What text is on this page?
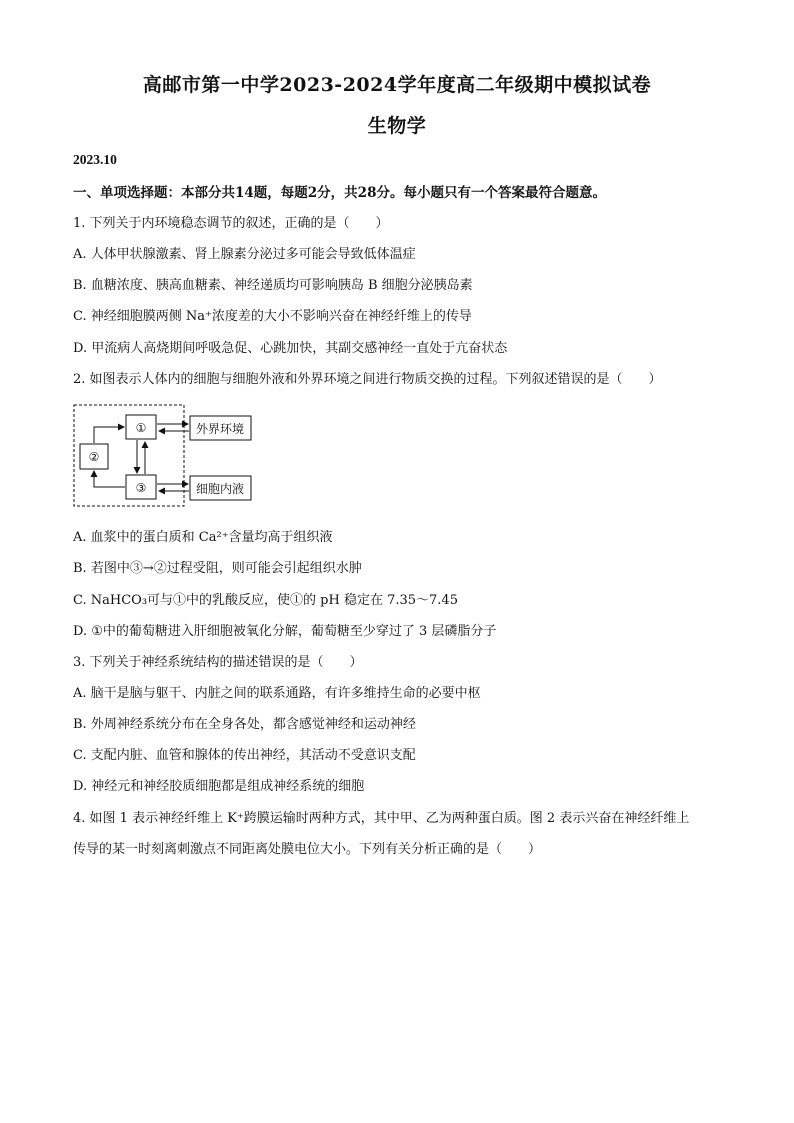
高邮市第一中学2023-2024学年度高二年级期中模拟试卷
生物学
2023.10
一、单项选择题：本部分共14题，每题2分，共28分。每小题只有一个答案最符合题意。
1. 下列关于内环境稳态调节的叙述，正确的是（　　）
A. 人体甲状腺激素、肾上腺素分泌过多可能会导致低体温症
B. 血糖浓度、胰高血糖素、神经递质均可影响胰岛 B 细胞分泌胰岛素
C. 神经细胞膜两侧 Na⁺浓度差的大小不影响兴奋在神经纤维上的传导
D. 甲流病人高烧期间呼吸急促、心跳加快，其副交感神经一直处于亢奋状态
2. 如图表示人体内的细胞与细胞外液和外界环境之间进行物质交换的过程。下列叙述错误的是（　　）
①
②
③
外界环境
细胞内液
A. 血浆中的蛋白质和 Ca²⁺含量均高于组织液
B. 若图中③→②过程受阻，则可能会引起组织水肿
C. NaHCO₃可与①中的乳酸反应，使①的 pH 稳定在 7.35～7.45
D. ①中的葡萄糖进入肝细胞被氧化分解，葡萄糖至少穿过了 3 层磷脂分子
3. 下列关于神经系统结构的描述错误的是（　　）
A. 脑干是脑与躯干、内脏之间的联系通路，有许多维持生命的必要中枢
B. 外周神经系统分布在全身各处，都含感觉神经和运动神经
C. 支配内脏、血管和腺体的传出神经，其活动不受意识支配
D. 神经元和神经胶质细胞都是组成神经系统的细胞
4. 如图 1 表示神经纤维上 K⁺跨膜运输时两种方式，其中甲、乙为两种蛋白质。图 2 表示兴奋在神经纤维上
传导的某一时刻离刺激点不同距离处膜电位大小。下列有关分析正确的是（　　）
